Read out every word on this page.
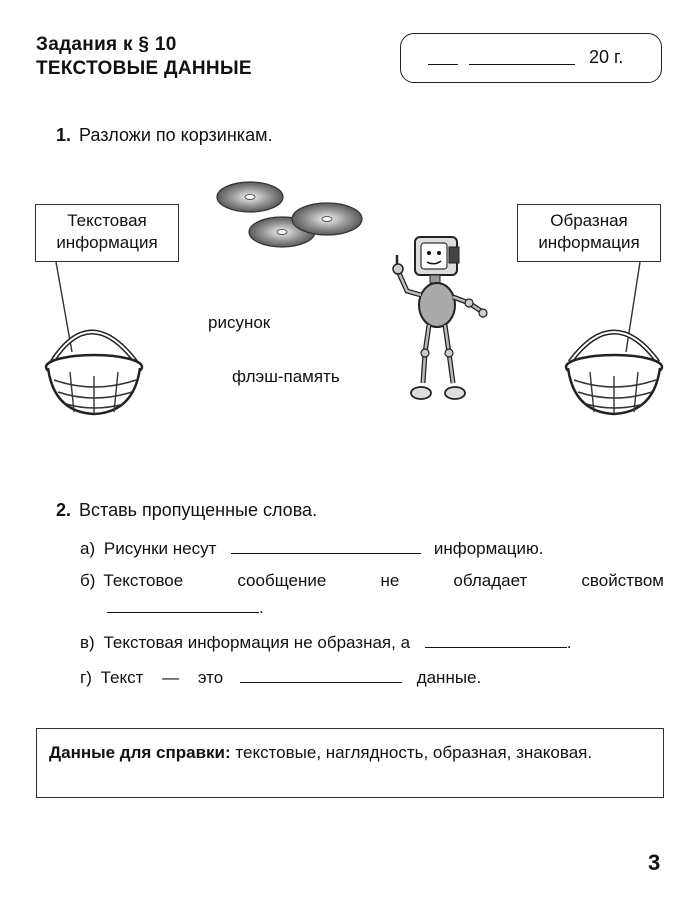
Задания к § 10
ТЕКСТОВЫЕ ДАННЫЕ
20 г.
1. Разложи по корзинкам.
Текстовая
информация
Образная
информация
рисунок
флэш-память
2. Вставь пропущенные слова.
а) Рисунки несут	информацию.
б) Текстовое	сообщение	не	обладает	свойством
.
в) Текстовая информация не образная, а	.
г) Текст — это	данные.
Данные для справки: текстовые, наглядность, образная, знаковая.
3
